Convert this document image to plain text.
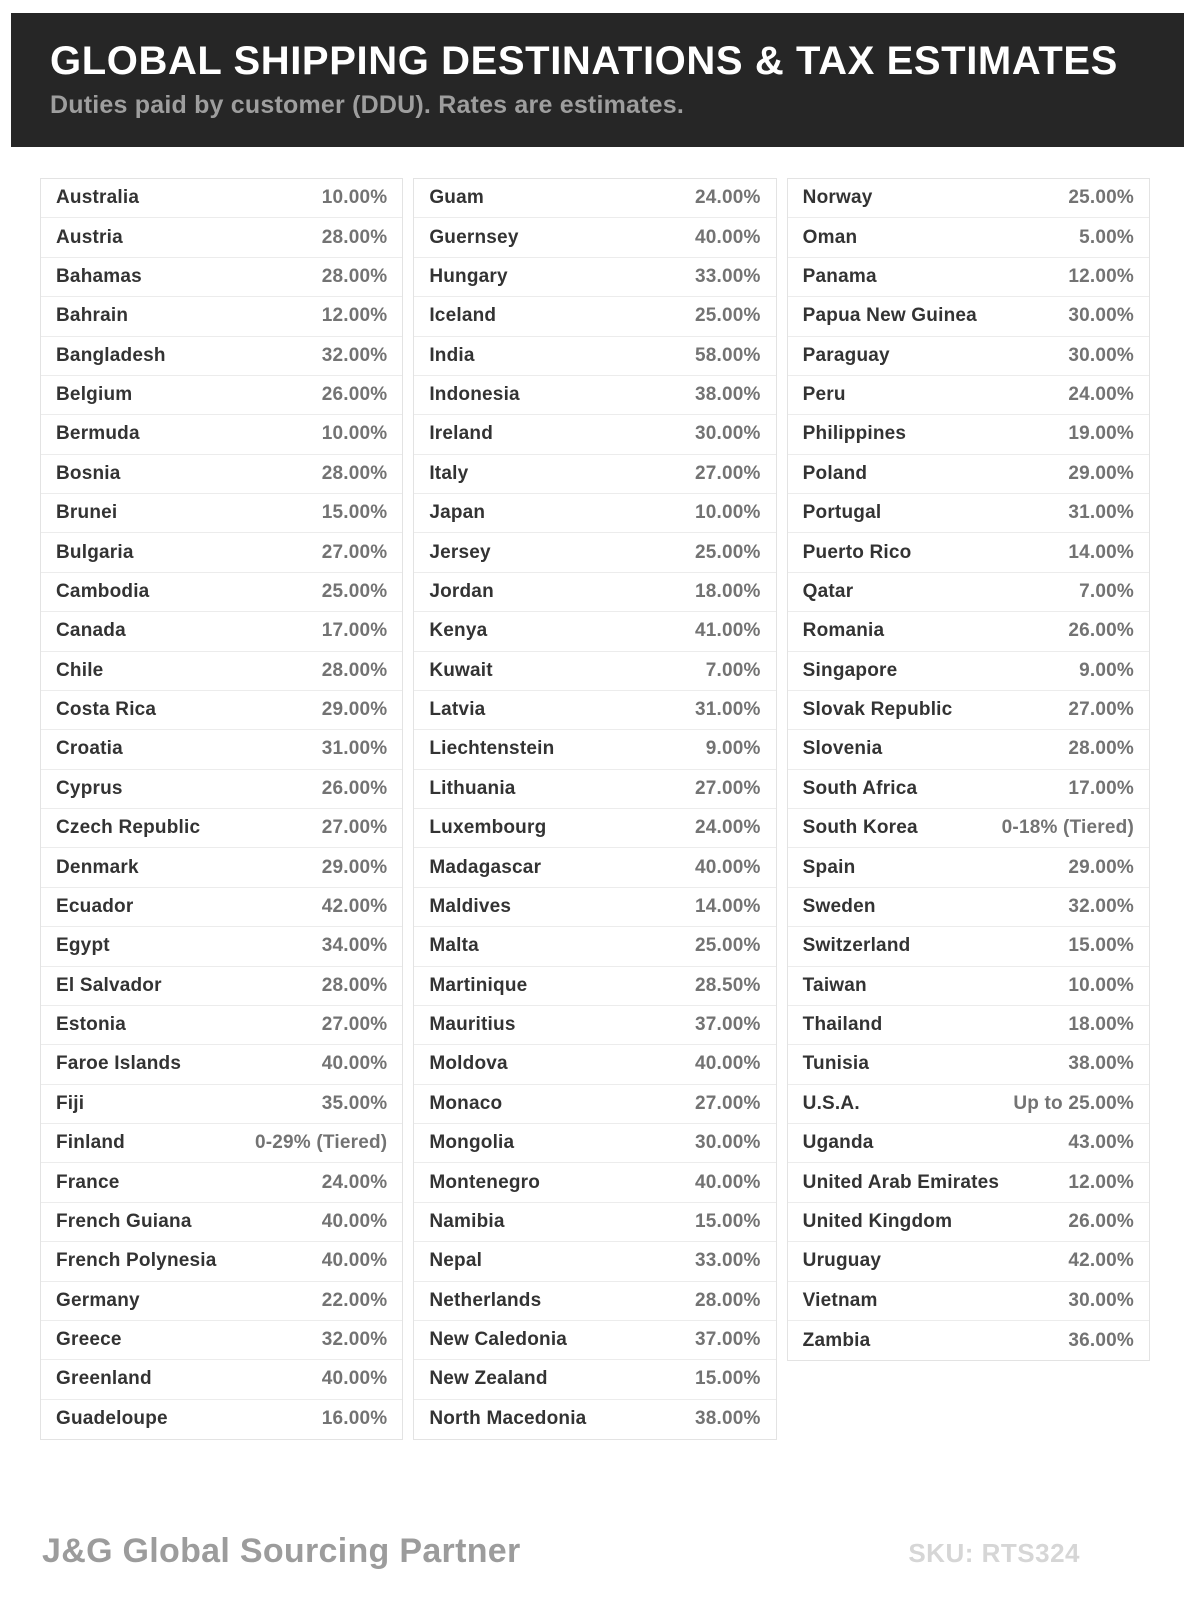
GLOBAL SHIPPING DESTINATIONS & TAX ESTIMATES

Duties paid by customer (DDU). Rates are estimates.

Australia	10.00%
Austria	28.00%
Bahamas	28.00%
Bahrain	12.00%
Bangladesh	32.00%
Belgium	26.00%
Bermuda	10.00%
Bosnia	28.00%
Brunei	15.00%
Bulgaria	27.00%
Cambodia	25.00%
Canada	17.00%
Chile	28.00%
Costa Rica	29.00%
Croatia	31.00%
Cyprus	26.00%
Czech Republic	27.00%
Denmark	29.00%
Ecuador	42.00%
Egypt	34.00%
El Salvador	28.00%
Estonia	27.00%
Faroe Islands	40.00%
Fiji	35.00%
Finland	0-29% (Tiered)
France	24.00%
French Guiana	40.00%
French Polynesia	40.00%
Germany	22.00%
Greece	32.00%
Greenland	40.00%
Guadeloupe	16.00%
Guam	24.00%
Guernsey	40.00%
Hungary	33.00%
Iceland	25.00%
India	58.00%
Indonesia	38.00%
Ireland	30.00%
Italy	27.00%
Japan	10.00%
Jersey	25.00%
Jordan	18.00%
Kenya	41.00%
Kuwait	7.00%
Latvia	31.00%
Liechtenstein	9.00%
Lithuania	27.00%
Luxembourg	24.00%
Madagascar	40.00%
Maldives	14.00%
Malta	25.00%
Martinique	28.50%
Mauritius	37.00%
Moldova	40.00%
Monaco	27.00%
Mongolia	30.00%
Montenegro	40.00%
Namibia	15.00%
Nepal	33.00%
Netherlands	28.00%
New Caledonia	37.00%
New Zealand	15.00%
North Macedonia	38.00%
Norway	25.00%
Oman	5.00%
Panama	12.00%
Papua New Guinea	30.00%
Paraguay	30.00%
Peru	24.00%
Philippines	19.00%
Poland	29.00%
Portugal	31.00%
Puerto Rico	14.00%
Qatar	7.00%
Romania	26.00%
Singapore	9.00%
Slovak Republic	27.00%
Slovenia	28.00%
South Africa	17.00%
South Korea	0-18% (Tiered)
Spain	29.00%
Sweden	32.00%
Switzerland	15.00%
Taiwan	10.00%
Thailand	18.00%
Tunisia	38.00%
U.S.A.	Up to 25.00%
Uganda	43.00%
United Arab Emirates	12.00%
United Kingdom	26.00%
Uruguay	42.00%
Vietnam	30.00%
Zambia	36.00%
J&G Global Sourcing Partner	SKU: RTS324
